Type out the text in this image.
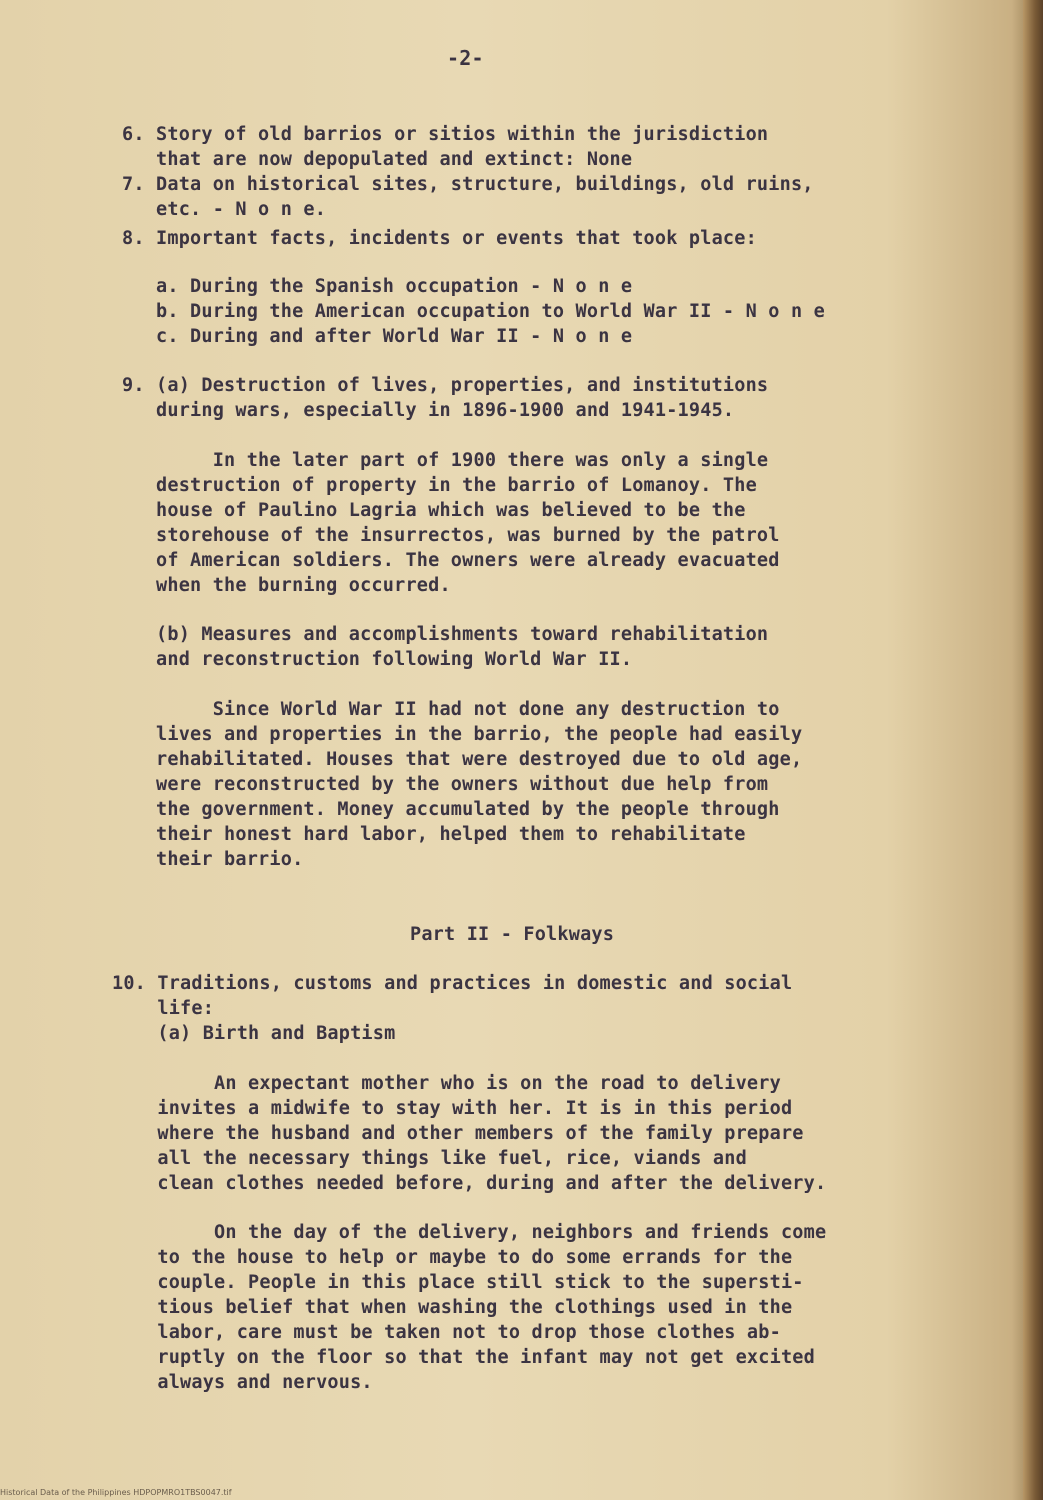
-2-
6. Story of old barrios or sitios within the jurisdiction
that are now depopulated and extinct: None
7. Data on historical sites, structure, buildings, old ruins,
etc. - N o n e.
8. Important facts, incidents or events that took place:
a. During the Spanish occupation - N o n e
b. During the American occupation to World War II - N o n e
c. During and after World War II - N o n e
9. (a) Destruction of lives, properties, and institutions
during wars, especially in 1896-1900 and 1941-1945.
In the later part of 1900 there was only a single
destruction of property in the barrio of Lomanoy. The
house of Paulino Lagria which was believed to be the
storehouse of the insurrectos, was burned by the patrol
of American soldiers. The owners were already evacuated
when the burning occurred.
(b) Measures and accomplishments toward rehabilitation
and reconstruction following World War II.
Since World War II had not done any destruction to
lives and properties in the barrio, the people had easily
rehabilitated. Houses that were destroyed due to old age,
were reconstructed by the owners without due help from
the government. Money accumulated by the people through
their honest hard labor, helped them to rehabilitate
their barrio.
Part II - Folkways
10. Traditions, customs and practices in domestic and social
life:
(a) Birth and Baptism
An expectant mother who is on the road to delivery
invites a midwife to stay with her. It is in this period
where the husband and other members of the family prepare
all the necessary things like fuel, rice, viands and
clean clothes needed before, during and after the delivery.
On the day of the delivery, neighbors and friends come
to the house to help or maybe to do some errands for the
couple. People in this place still stick to the supersti-
tious belief that when washing the clothings used in the
labor, care must be taken not to drop those clothes ab-
ruptly on the floor so that the infant may not get excited
always and nervous.
Historical Data of the Philippines HDPOPMRO1TBS0047.tif
